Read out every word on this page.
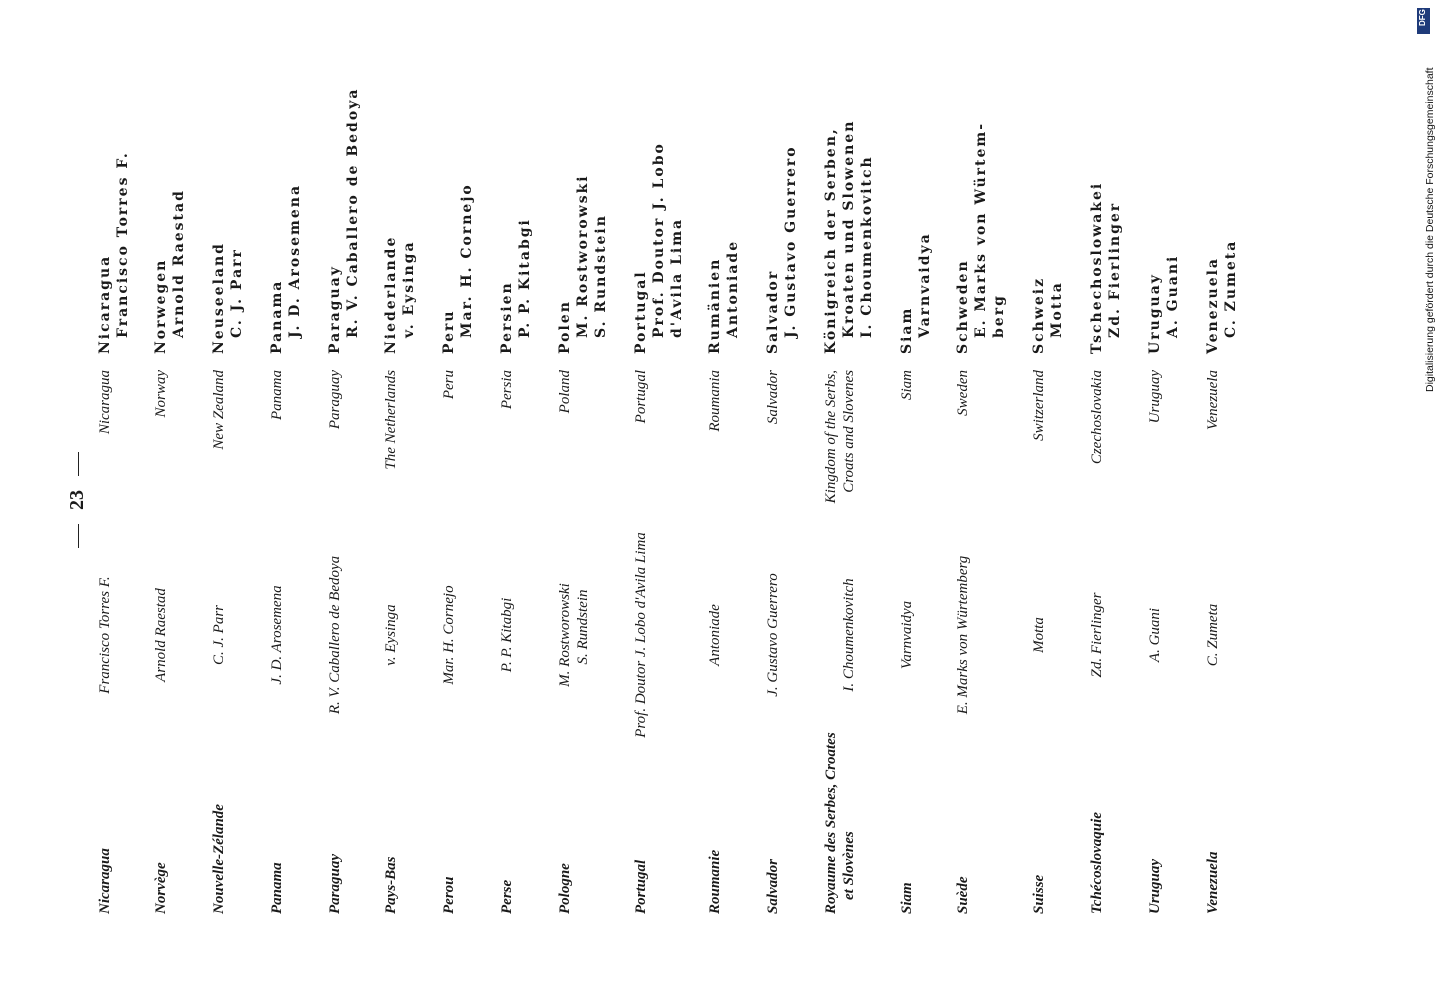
23
Nicaragua
Francisco Torres F.
Nicaragua
Nicaragua Francisco Torres F.
Norvège
Arnold Raestad
Norway
Norwegen Arnold Raestad
Nouvelle-Zélande
C. J. Parr
New Zealand
Neuseeland C. J. Parr
Panama
J. D. Arosemena
Panama
Panama J. D. Arosemena
Paraguay
R. V. Caballero de Bedoya
Paraguay
Paraguay R. V. Caballero de Bedoya
Pays-Bas
v. Eysinga
The Netherlands
Niederlande v. Eysinga
Perou
Mar. H. Cornejo
Peru
Peru Mar. H. Cornejo
Perse
P. P. Kitabgi
Persia
Persien P. P. Kitabgi
Pologne
M. Rostworowski S. Rundstein
Poland
Polen M. Rostworowski S. Rundstein
Portugal
Prof. Doutor J. Lobo d'Avila Lima
Portugal
Portugal Prof. Doutor J. Lobo d'Avila Lima
Roumanie
Antoniade
Roumania
Rumänien Antoniade
Salvador
J. Gustavo Guerrero
Salvador
Salvador J. Gustavo Guerrero
Royaume des Serbes, Croates et Slovènes
I. Choumenkovitch
Kingdom of the Serbs, Croats and Slovenes
Königreich der Serben, Kroaten und Slowenen I. Choumenkovitch
Siam
Varnvaidya
Siam
Siam Varnvaidya
Suède
E. Marks von Würtemberg
Sweden
Schweden E. Marks von Würtem- berg
Suisse
Motta
Switzerland
Schweiz Motta
Tchécoslovaquie
Zd. Fierlinger
Czechoslovakia
Tschechoslowakei Zd. Fierlinger
Uruguay
A. Guani
Uruguay
Uruguay A. Guani
Venezuela
C. Zumeta
Venezuela
Venezuela C. Zumeta
DFG
Digitalisierung gefördert durch die Deutsche Forschungsgemeinschaft
